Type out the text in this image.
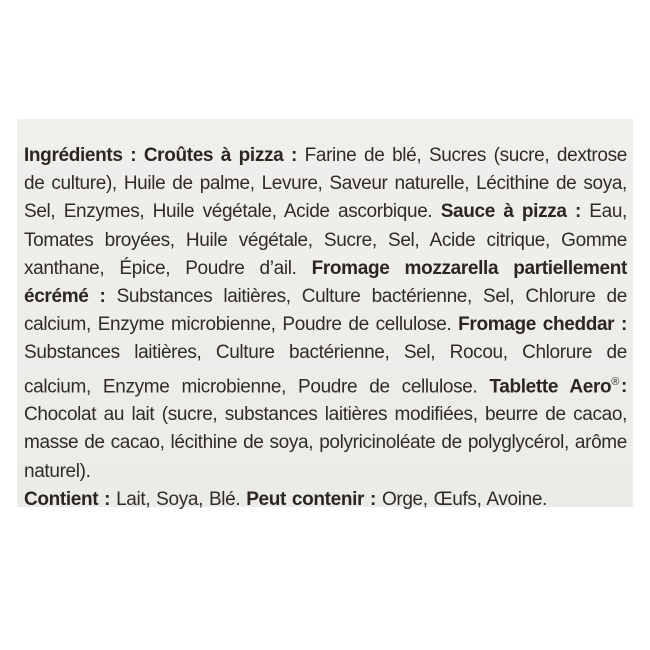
Ingrédients : Croûtes à pizza : Farine de blé, Sucres (sucre, dextrose de culture), Huile de palme, Levure, Saveur naturelle, Lécithine de soya, Sel, Enzymes, Huile végétale, Acide ascorbique. Sauce à pizza : Eau, Tomates broyées, Huile végétale, Sucre, Sel, Acide citrique, Gomme xanthane, Épice, Poudre d’ail. Fromage mozzarella partiellement écrémé : Substances laitières, Culture bactérienne, Sel, Chlorure de calcium, Enzyme microbienne, Poudre de cellulose. Fromage cheddar : Substances laitières, Culture bactérienne, Sel, Rocou, Chlorure de calcium, Enzyme microbienne, Poudre de cellulose. Tablette Aero® : Chocolat au lait (sucre, substances laitières modifiées, beurre de cacao, masse de cacao, lécithine de soya, polyricinoléate de polyglycérol, arôme naturel).
Contient : Lait, Soya, Blé. Peut contenir : Orge, Œufs, Avoine.
